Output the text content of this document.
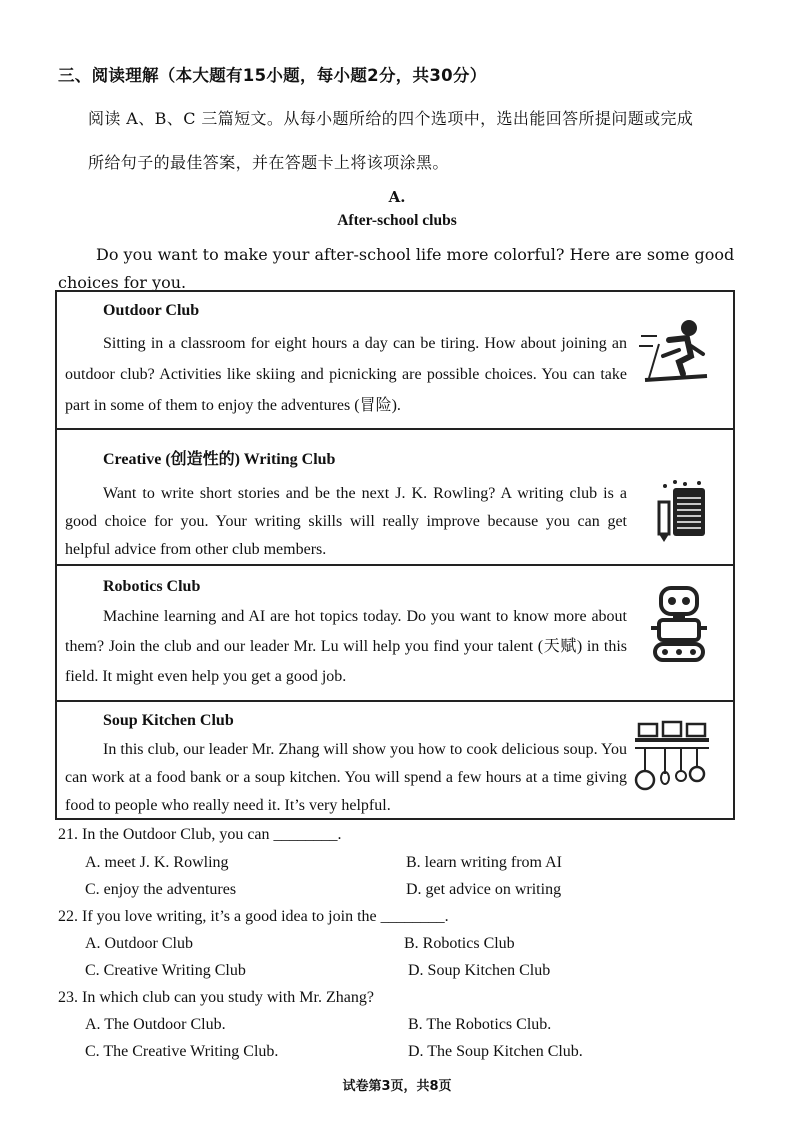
三、阅读理解（本大题有15小题，每小题2分，共30分）
阅读 A、B、C 三篇短文。从每小题所给的四个选项中，选出能回答所提问题或完成
所给句子的最佳答案，并在答题卡上将该项涂黑。
A.
After-school clubs
Do you want to make your after-school life more colorful? Here are some good choices for you.
Outdoor Club
Sitting in a classroom for eight hours a day can be tiring. How about joining an outdoor club? Activities like skiing and picnicking are possible choices. You can take part in some of them to enjoy the adventures (冒险).
Creative (创造性的) Writing Club
Want to write short stories and be the next J. K. Rowling? A writing club is a good choice for you. Your writing skills will really improve because you can get helpful advice from other club members.
Robotics Club
Machine learning and AI are hot topics today. Do you want to know more about them? Join the club and our leader Mr. Lu will help you find your talent (天赋) in this field. It might even help you get a good job.
Soup Kitchen Club
In this club, our leader Mr. Zhang will show you how to cook delicious soup. You can work at a food bank or a soup kitchen. You will spend a few hours at a time giving food to people who really need it. It’s very helpful.
21. In the Outdoor Club, you can ________.
A. meet J. K. Rowling	B. learn writing from AI
C. enjoy the adventures	D. get advice on writing
22. If you love writing, it’s a good idea to join the ________.
A. Outdoor Club	B. Robotics Club
C. Creative Writing Club	D. Soup Kitchen Club
23. In which club can you study with Mr. Zhang?
A. The Outdoor Club.	B. The Robotics Club.
C. The Creative Writing Club.	D. The Soup Kitchen Club.
试卷第3页，共8页
